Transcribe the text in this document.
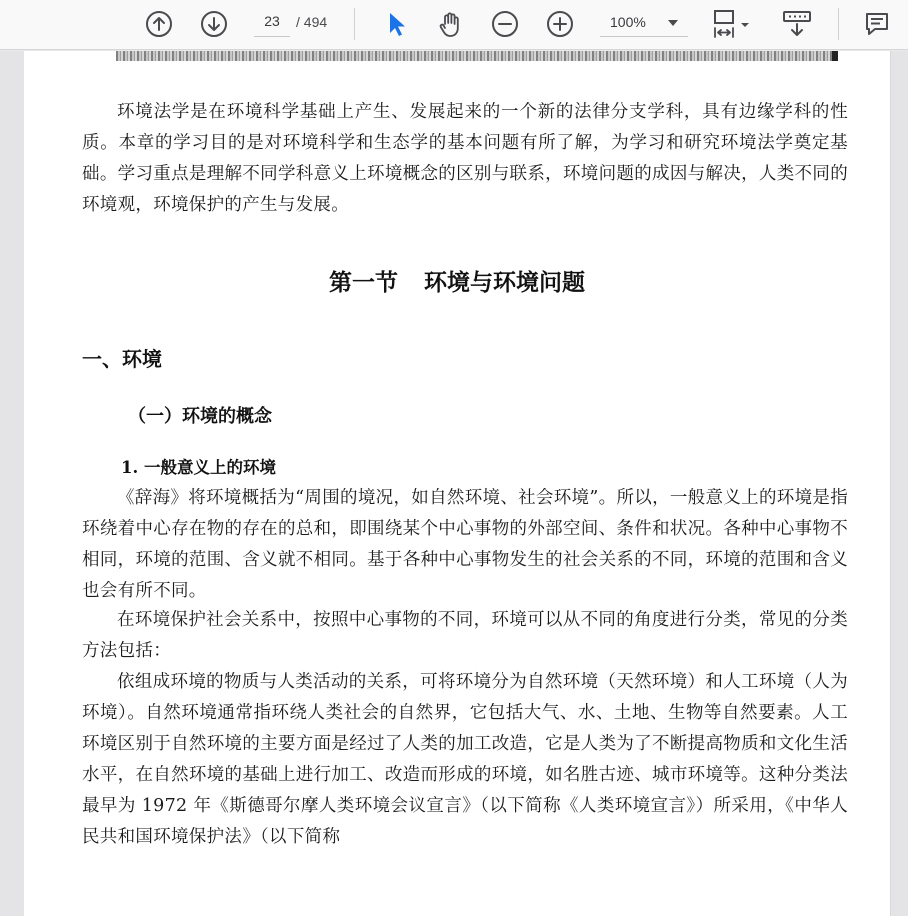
23	/ 494	100%
环境法学是在环境科学基础上产生、发展起来的一个新的法律分支学科，具有边缘学科的性质。本章的学习目的是对环境科学和生态学的基本问题有所了解，为学习和研究环境法学奠定基础。学习重点是理解不同学科意义上环境概念的区别与联系，环境问题的成因与解决，人类不同的环境观，环境保护的产生与发展。
第一节 环境与环境问题
一、环境
（一）环境的概念
1. 一般意义上的环境
《辞海》将环境概括为“周围的境况，如自然环境、社会环境”。所以，一般意义上的环境是指环绕着中心存在物的存在的总和，即围绕某个中心事物的外部空间、条件和状况。各种中心事物不相同，环境的范围、含义就不相同。基于各种中心事物发生的社会关系的不同，环境的范围和含义也会有所不同。
在环境保护社会关系中，按照中心事物的不同，环境可以从不同的角度进行分类，常见的分类方法包括：
依组成环境的物质与人类活动的关系，可将环境分为自然环境（天然环境）和人工环境（人为环境）。自然环境通常指环绕人类社会的自然界，它包括大气、水、土地、生物等自然要素。人工环境区别于自然环境的主要方面是经过了人类的加工改造，它是人类为了不断提高物质和文化生活水平，在自然环境的基础上进行加工、改造而形成的环境，如名胜古迹、城市环境等。这种分类法最早为 1972 年《斯德哥尔摩人类环境会议宣言》（以下简称《人类环境宣言》）所采用，《中华人民共和国环境保护法》（以下简称
